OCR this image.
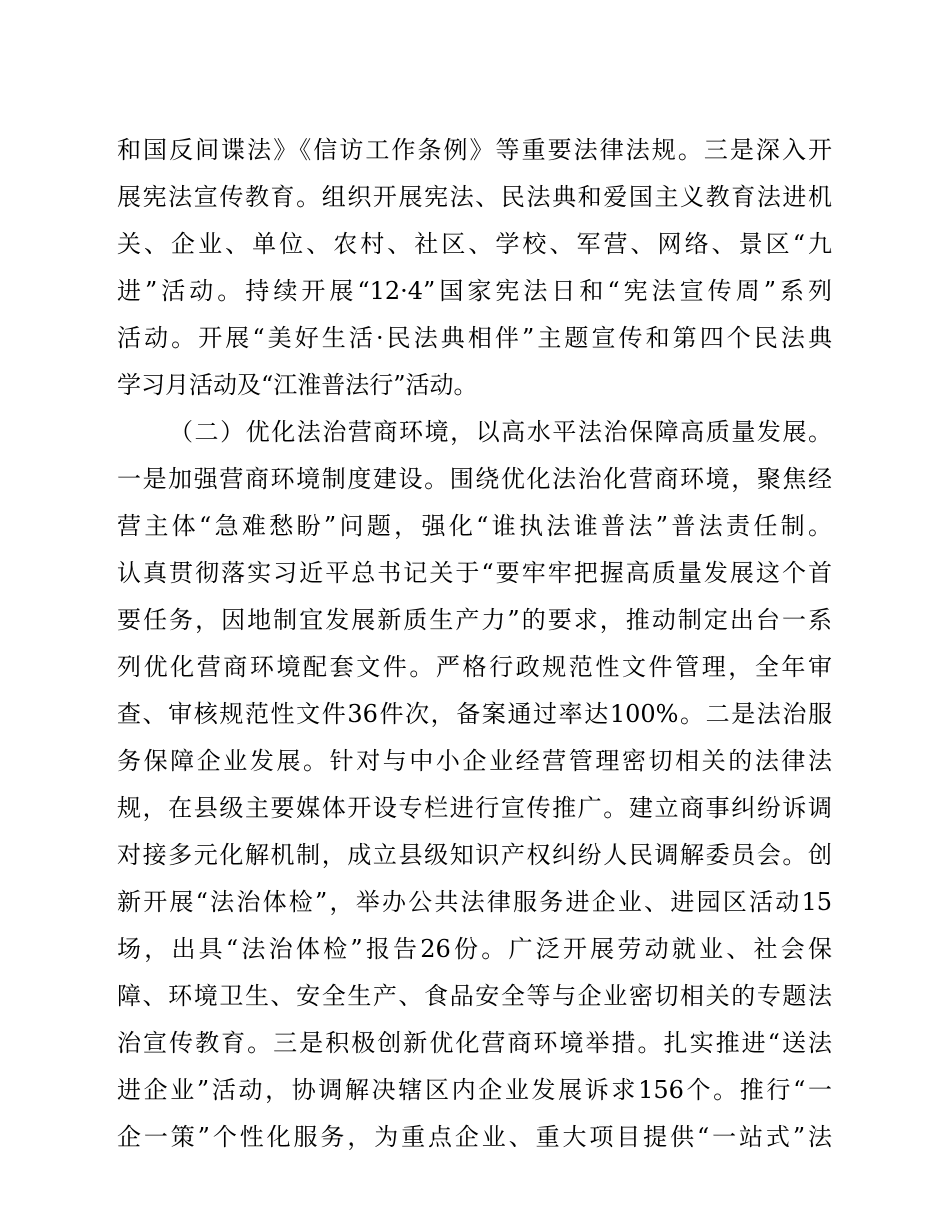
和国反间谍法》《信访工作条例》等重要法律法规。三是深入开
展宪法宣传教育。组织开展宪法、民法典和爱国主义教育法进机
关、企业、单位、农村、社区、学校、军营、网络、景区“九
进”活动。持续开展“12·4”国家宪法日和“宪法宣传周”系列
活动。开展“美好生活·民法典相伴”主题宣传和第四个民法典
学习月活动及“江淮普法行”活动。
（二）优化法治营商环境，以高水平法治保障高质量发展。
一是加强营商环境制度建设。围绕优化法治化营商环境，聚焦经
营主体“急难愁盼”问题，强化“谁执法谁普法”普法责任制。
认真贯彻落实习近平总书记关于“要牢牢把握高质量发展这个首
要任务，因地制宜发展新质生产力”的要求，推动制定出台一系
列优化营商环境配套文件。严格行政规范性文件管理，全年审
查、审核规范性文件36件次，备案通过率达100%。二是法治服
务保障企业发展。针对与中小企业经营管理密切相关的法律法
规，在县级主要媒体开设专栏进行宣传推广。建立商事纠纷诉调
对接多元化解机制，成立县级知识产权纠纷人民调解委员会。创
新开展“法治体检”，举办公共法律服务进企业、进园区活动15
场，出具“法治体检”报告26份。广泛开展劳动就业、社会保
障、环境卫生、安全生产、食品安全等与企业密切相关的专题法
治宣传教育。三是积极创新优化营商环境举措。扎实推进“送法
进企业”活动，协调解决辖区内企业发展诉求156个。推行“一
企一策”个性化服务，为重点企业、重大项目提供“一站式”法
